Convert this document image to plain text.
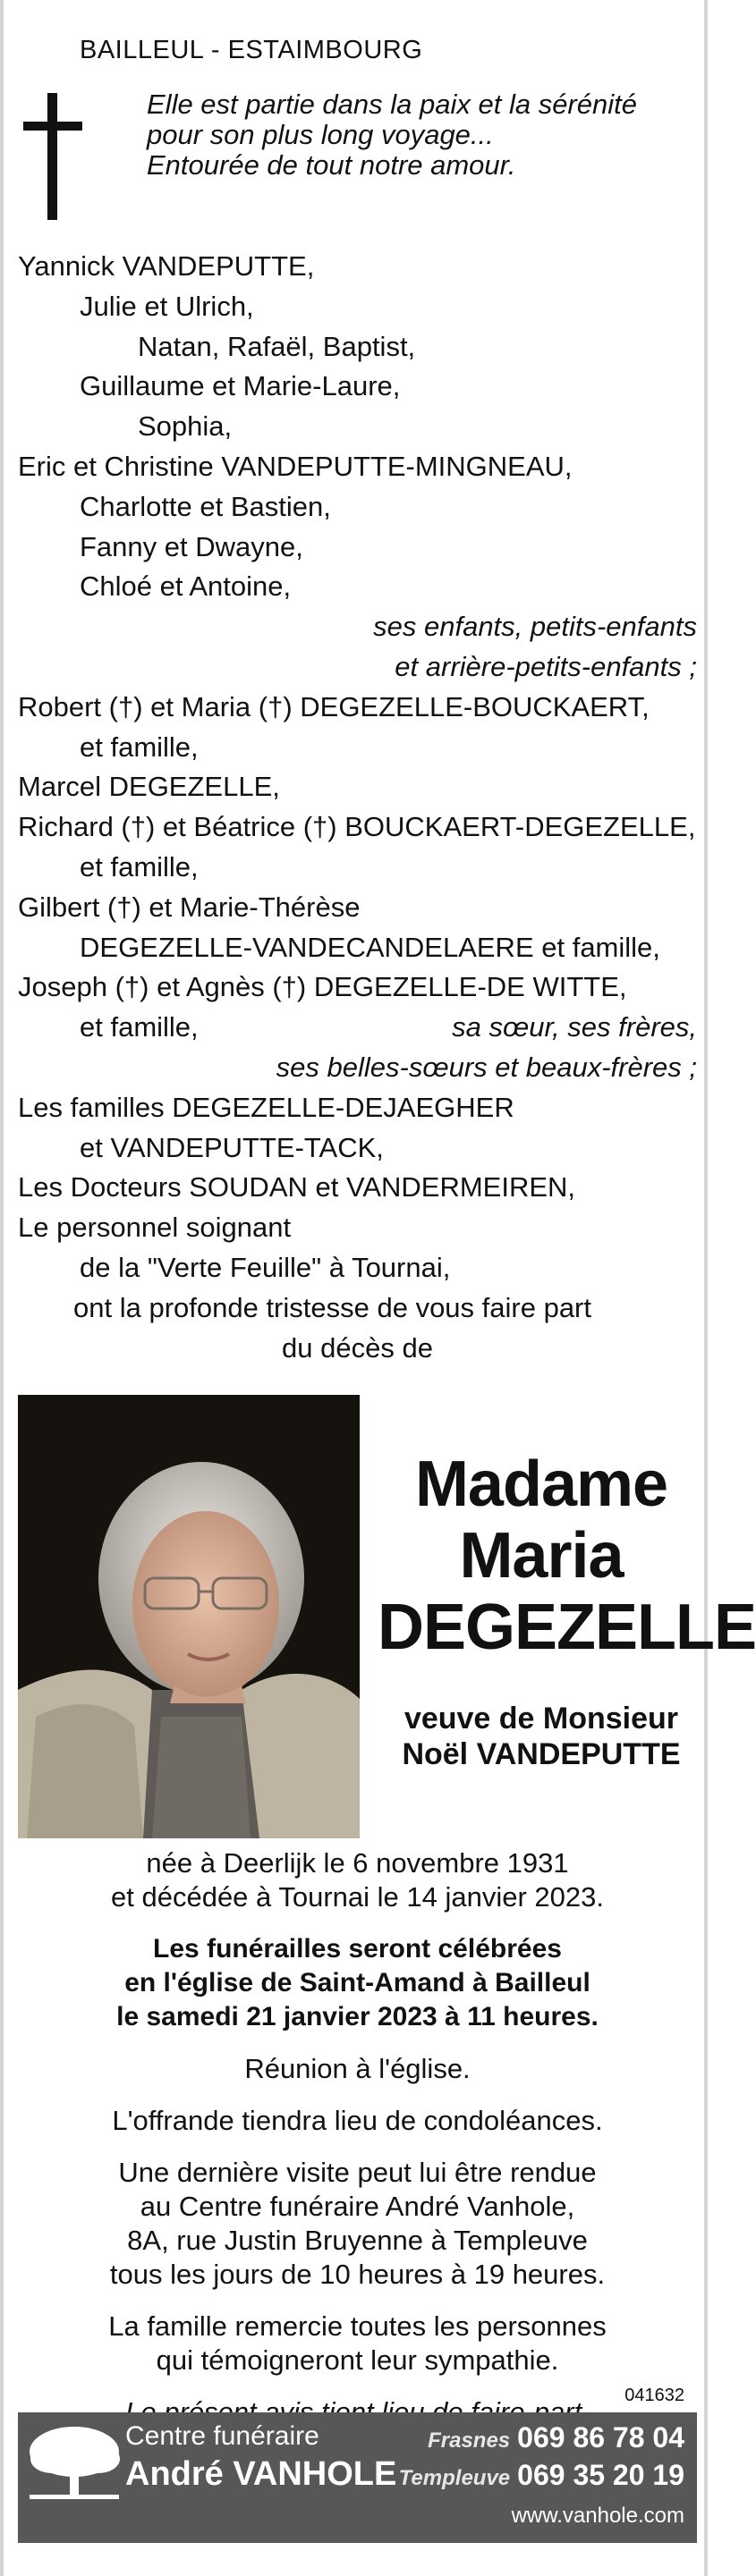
BAILLEUL - ESTAIMBOURG
Elle est partie dans la paix et la sérénité
pour son plus long voyage...
Entourée de tout notre amour.
Yannick VANDEPUTTE,
Julie et Ulrich,
Natan, Rafaël, Baptist,
Guillaume et Marie-Laure,
Sophia,
Eric et Christine VANDEPUTTE-MINGNEAU,
Charlotte et Bastien,
Fanny et Dwayne,
Chloé et Antoine,
ses enfants, petits-enfants
et arrière-petits-enfants ;
Robert (†) et Maria (†) DEGEZELLE-BOUCKAERT,
et famille,
Marcel DEGEZELLE,
Richard (†) et Béatrice (†) BOUCKAERT-DEGEZELLE,
et famille,
Gilbert (†) et Marie-Thérèse
DEGEZELLE-VANDECANDELAERE et famille,
Joseph (†) et Agnès (†) DEGEZELLE-DE WITTE,
et famille,	sa sœur, ses frères,
ses belles-sœurs et beaux-frères ;
Les familles DEGEZELLE-DEJAEGHER
et VANDEPUTTE-TACK,
Les Docteurs SOUDAN et VANDERMEIREN,
Le personnel soignant
de la "Verte Feuille" à Tournai,
ont la profonde tristesse de vous faire part
du décès de
Madame
Maria
DEGEZELLE
veuve de Monsieur
Noël VANDEPUTTE
née à Deerlijk le 6 novembre 1931
et décédée à Tournai le 14 janvier 2023.
Les funérailles seront célébrées
en l'église de Saint-Amand à Bailleul
le samedi 21 janvier 2023 à 11 heures.
Réunion à l'église.
L'offrande tiendra lieu de condoléances.
Une dernière visite peut lui être rendue
au Centre funéraire André Vanhole,
8A, rue Justin Bruyenne à Templeuve
tous les jours de 10 heures à 19 heures.
La famille remercie toutes les personnes
qui témoigneront leur sympathie.
041632
Centre funéraire
André VANHOLE
Frasnes 069 86 78 04
Templeuve 069 35 20 19
www.vanhole.com
